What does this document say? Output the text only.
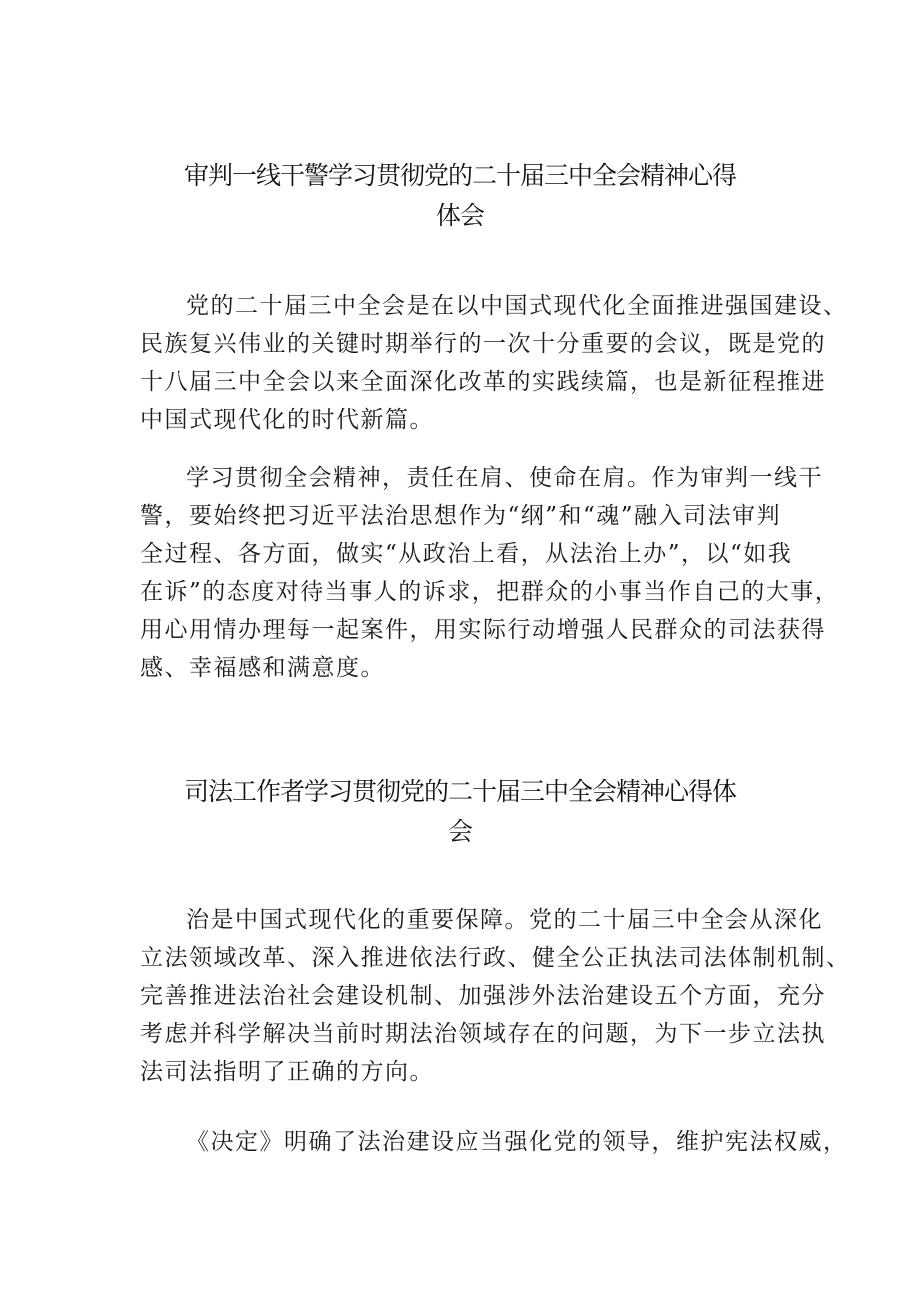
审判一线干警学习贯彻党的二十届三中全会精神心得
体会
党的二十届三中全会是在以中国式现代化全面推进强国建设、
民族复兴伟业的关键时期举行的一次十分重要的会议，既是党的
十八届三中全会以来全面深化改革的实践续篇，也是新征程推进
中国式现代化的时代新篇。
学习贯彻全会精神，责任在肩、使命在肩。作为审判一线干
警，要始终把习近平法治思想作为“纲”和“魂”融入司法审判
全过程、各方面，做实“从政治上看，从法治上办”，以“如我
在诉”的态度对待当事人的诉求，把群众的小事当作自己的大事，
用心用情办理每一起案件，用实际行动增强人民群众的司法获得
感、幸福感和满意度。
司法工作者学习贯彻党的二十届三中全会精神心得体
会
治是中国式现代化的重要保障。党的二十届三中全会从深化
立法领域改革、深入推进依法行政、健全公正执法司法体制机制、
完善推进法治社会建设机制、加强涉外法治建设五个方面，充分
考虑并科学解决当前时期法治领域存在的问题，为下一步立法执
法司法指明了正确的方向。
《决定》明确了法治建设应当强化党的领导，维护宪法权威，
